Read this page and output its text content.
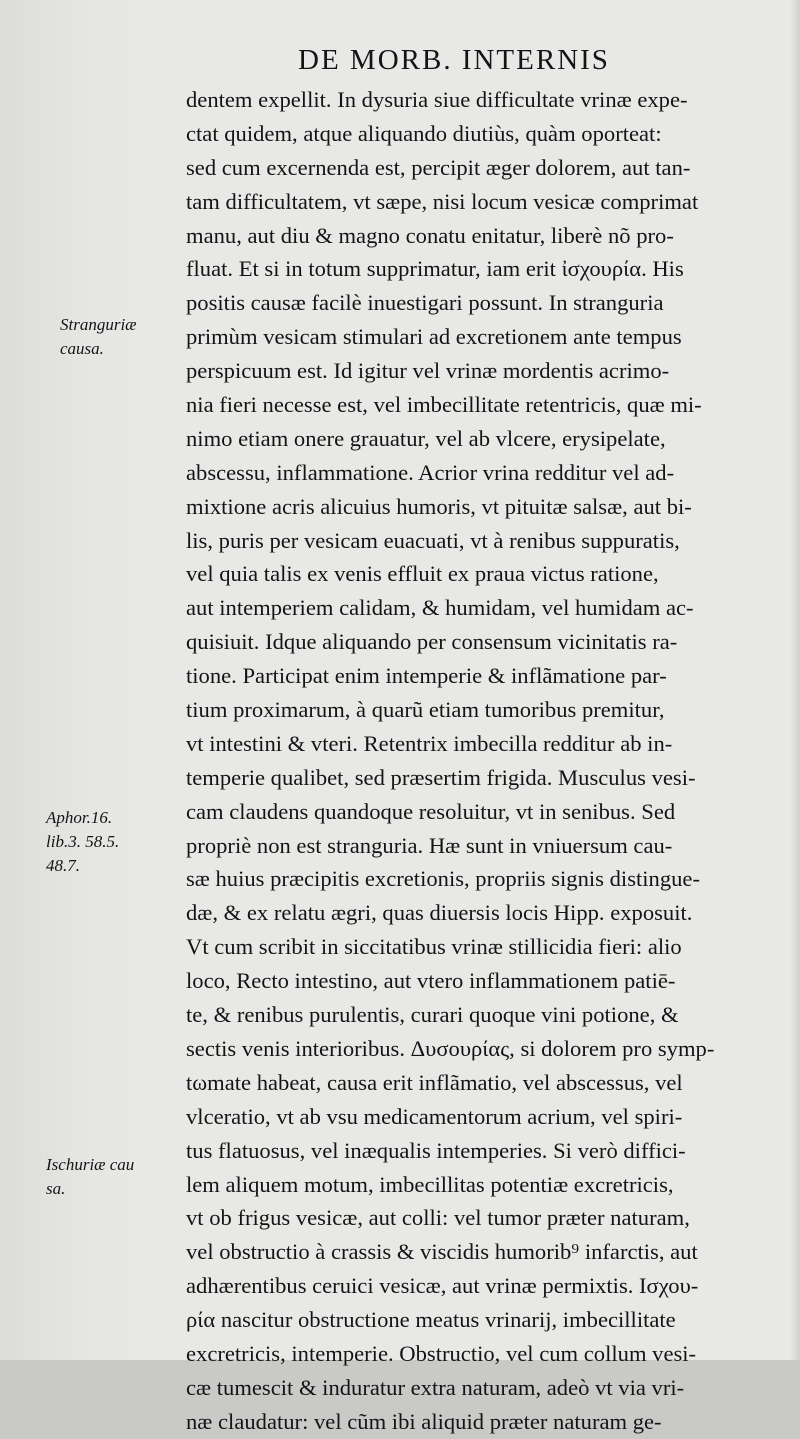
DE MORB. INTERNIS
dentem expellit. In dysuria siue difficultate vrinæ expe-
ctat quidem, atque aliquando diutiùs, quàm oporteat:
sed cum excernenda est, percipit æger dolorem, aut tan-
tam difficultatem, vt sæpe, nisi locum vesicæ comprimat
manu, aut diu & magno conatu enitatur, liberè nõ pro-
fluat. Et si in totum supprimatur, iam erit ἰσχουρία. His
positis causæ facilè inuestigari possunt. In stranguria
primùm vesicam stimulari ad excretionem ante tempus
perspicuum est. Id igitur vel vrinæ mordentis acrimo-
nia fieri necesse est, vel imbecillitate retentricis, quæ mi-
nimo etiam onere grauatur, vel ab vlcere, erysipelate,
abscessu, inflammatione. Acrior vrina redditur vel ad-
mixtione acris alicuius humoris, vt pituitæ salsæ, aut bi-
lis, puris per vesicam euacuati, vt à renibus suppuratis,
vel quia talis ex venis effluit ex praua victus ratione,
aut intemperiem calidam, & humidam, vel humidam ac-
quisiuit. Idque aliquando per consensum vicinitatis ra-
tione. Participat enim intemperie & inflãmatione par-
tium proximarum, à quarũ etiam tumoribus premitur,
vt intestini & vteri. Retentrix imbecilla redditur ab in-
temperie qualibet, sed præsertim frigida. Musculus vesi-
cam claudens quandoque resoluitur, vt in senibus. Sed
propriè non est stranguria. Hæ sunt in vniuersum cau-
sæ huius præcipitis excretionis, propriis signis distingue-
dæ, & ex relatu ægri, quas diuersis locis Hipp. exposuit.
Vt cum scribit in siccitatibus vrinæ stillicidia fieri: alio
loco, Recto intestino, aut vtero inflammationem patiē-
te, & renibus purulentis, curari quoque vini potione, &
sectis venis interioribus. Δυσουρίας, si dolorem pro symp-
tωmate habeat, causa erit inflãmatio, vel abscessus, vel
vlceratio, vt ab vsu medicamentorum acrium, vel spiri-
tus flatuosus, vel inæqualis intemperies. Si verò diffici-
lem aliquem motum, imbecillitas potentiæ excretricis,
vt ob frigus vesicæ, aut colli: vel tumor præter naturam,
vel obstructio à crassis & viscidis humorib⁹ infarctis, aut
adhærentibus ceruici vesicæ, aut vrinæ permixtis. Ισχου-
ρία nascitur obstructione meatus vrinarij, imbecillitate
excretricis, intemperie. Obstructio, vel cum collum vesi-
cæ tumescit & induratur extra naturam, adeò vt via vri-
næ claudatur: vel cũm ibi aliquid præter naturam ge-
Stranguriæ
causa.
Aphor.16.
lib.3. 58.5.
48.7.
Ischuriæ cau
sa.
